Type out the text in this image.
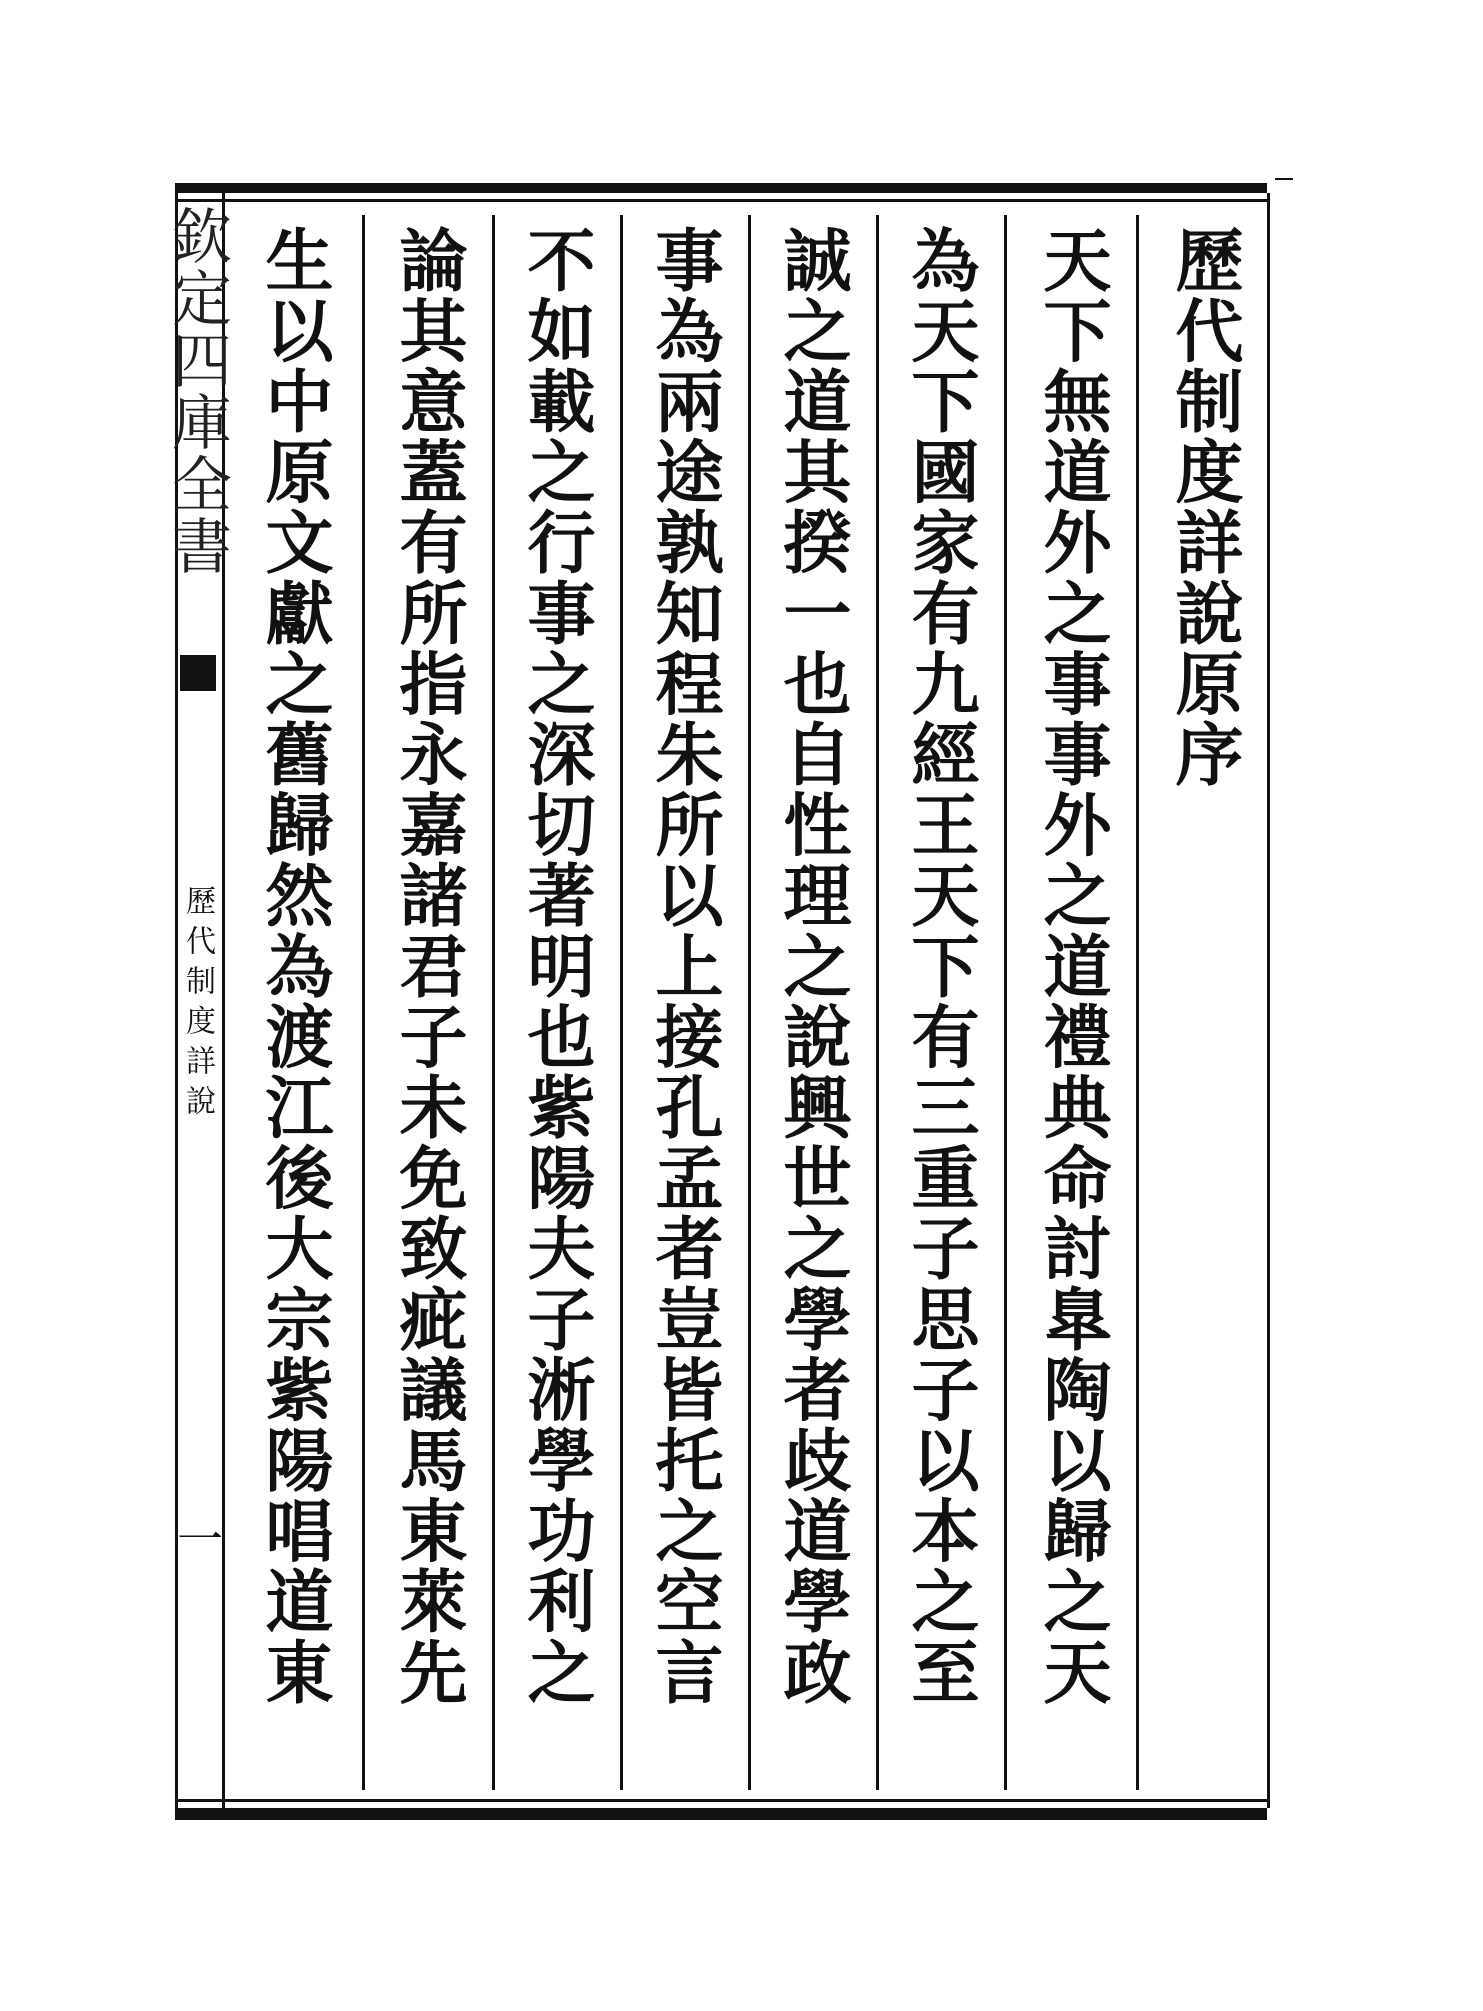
欽定四庫全書
歷代制度詳說
一
歷代制度詳說原序
天下無道外之事事外之道禮典命討臯陶以歸之天
為天下國家有九經王天下有三重子思子以本之至
誠之道其揆一也自性理之說興世之學者歧道學政
事為兩途孰知程朱所以上接孔孟者豈皆托之空言
不如載之行事之深切著明也紫陽夫子淅學功利之
論其意蓋有所指永嘉諸君子未免致疵議馬東萊先
生以中原文獻之舊歸然為渡江後大宗紫陽唱道東
